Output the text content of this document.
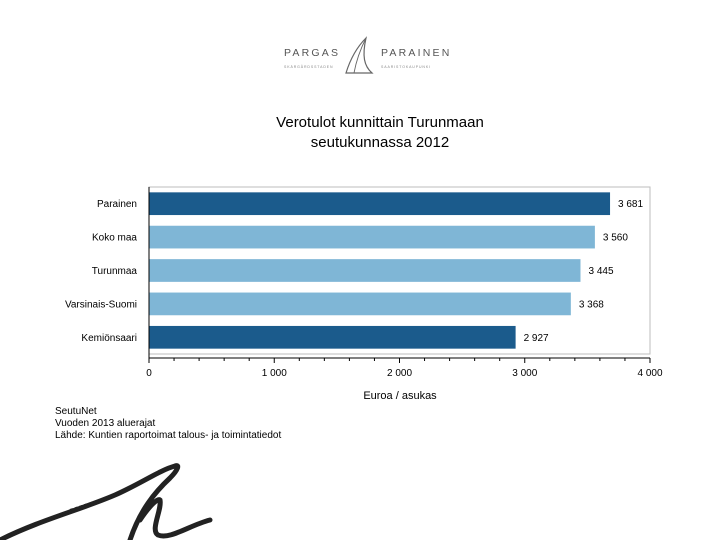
PARGAS	PARAINEN
SKÄRGÅRDSSTADEN	SAARISTOKAUPUNKI
Verotulot kunnittain Turunmaan
seutukunnassa 2012
Parainen	3 681
Koko maa	3 560
Turunmaa	3 445
Varsinais-Suomi	3 368
Kemiönsaari	2 927
0	1 000	2 000	3 000	4 000
Euroa / asukas
SeutuNet
Vuoden 2013 aluerajat
Lähde: Kuntien raportoimat talous- ja toimintatiedot
